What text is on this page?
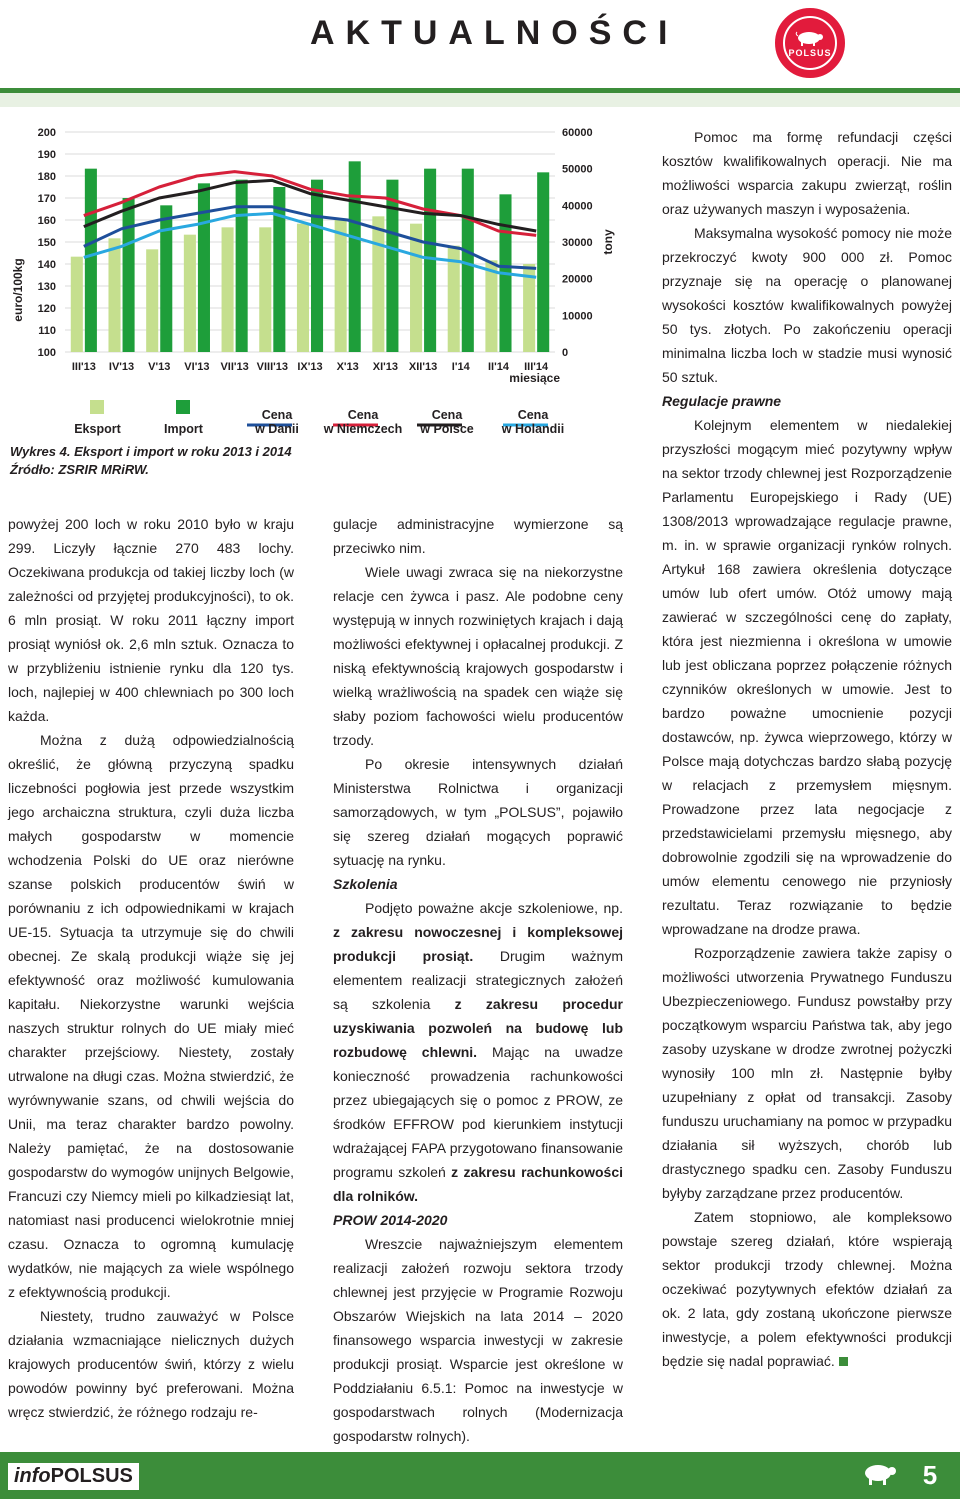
AKTUALNOŚCI
POLSUS
euro/100kg
tony
miesiące
200
190
180
170
160
150
140
130
120
110
100
60000
50000
40000
30000
20000
10000
0
III'13 IV'13 V'13 VI'13 VII'13 VIII'13 IX'13 X'13 XI'13 XII'13 I'14 II'14 III'14
Eksport	Import
Cena
w Danii
Cena
w Niemczech
Cena
w Polsce
Cena
w Holandii
Wykres 4. Eksport i import w roku 2013 i 2014
Źródło: ZSRIR MRiRW.

powyżej 200 loch w roku 2010 było w kraju 299. Liczyły łącznie 270 483 lochy. Oczekiwana produkcja od takiej liczby loch (w zależności od przyjętej produkcyjności), to ok. 6 mln prosiąt. W roku 2011 łączny import prosiąt wyniósł ok. 2,6 mln sztuk. Oznacza to w przybliżeniu istnienie rynku dla 120 tys. loch, najlepiej w 400 chlewniach po 300 loch każda.

Można z dużą odpowiedzialnością określić, że główną przyczyną spadku liczebności pogłowia jest przede wszystkim jego archaiczna struktura, czyli duża liczba małych gospodarstw w momencie wchodzenia Polski do UE oraz nierówne szanse polskich producentów świń w porównaniu z ich odpowiednikami w krajach UE-15. Sytuacja ta utrzymuje się do chwili obecnej. Ze skalą produkcji wiąże się jej efektywność oraz możliwość kumulowania kapitału. Niekorzystne warunki wejścia naszych struktur rolnych do UE miały mieć charakter przejściowy. Niestety, zostały utrwalone na długi czas. Można stwierdzić, że wyrównywanie szans, od chwili wejścia do Unii, ma teraz charakter bardzo powolny. Należy pamiętać, że na dostosowanie gospodarstw do wymogów unijnych Belgowie, Francuzi czy Niemcy mieli po kilkadziesiąt lat, natomiast nasi producenci wielokrotnie mniej czasu. Oznacza to ogromną kumulację wydatków, nie mających za wiele wspólnego z efektywnością produkcji.

Niestety, trudno zauważyć w Polsce działania wzmacniające nielicznych dużych krajowych producentów świń, którzy z wielu powodów powinny być preferowani. Można wręcz stwierdzić, że różnego rodzaju re-

gulacje administracyjne wymierzone są przeciwko nim.

Wiele uwagi zwraca się na niekorzystne relacje cen żywca i pasz. Ale podobne ceny występują w innych rozwiniętych krajach i dają możliwości efektywnej i opłacalnej produkcji. Z niską efektywnością krajowych gospodarstw i wielką wrażliwością na spadek cen wiąże się słaby poziom fachowości wielu producentów trzody.

Po okresie intensywnych działań Ministerstwa Rolnictwa i organizacji samorządowych, w tym „POLSUS”, pojawiło się szereg działań mogących poprawić sytuację na rynku.

Szkolenia

Podjęto poważne akcje szkoleniowe, np. z zakresu nowoczesnej i kompleksowej produkcji prosiąt. Drugim ważnym elementem realizacji strategicznych założeń są szkolenia z zakresu procedur uzyskiwania pozwoleń na budowę lub rozbudowę chlewni. Mając na uwadze konieczność prowadzenia rachunkowości przez ubiegających się o pomoc z PROW, ze środków EFFROW pod kierunkiem instytucji wdrażającej FAPA przygotowano finansowanie programu szkoleń z zakresu rachunkowości dla rolników.

PROW 2014-2020

Wreszcie najważniejszym elementem realizacji założeń rozwoju sektora trzody chlewnej jest przyjęcie w Programie Rozwoju Obszarów Wiejskich na lata 2014 – 2020 finansowego wsparcia inwestycji w zakresie produkcji prosiąt. Wsparcie jest określone w Poddziałaniu 6.5.1: Pomoc na inwestycje w gospodarstwach rolnych (Modernizacja gospodarstw rolnych).

Pomoc ma formę refundacji części kosztów kwalifikowalnych operacji. Nie ma możliwości wsparcia zakupu zwierząt, roślin oraz używanych maszyn i wyposażenia.

Maksymalna wysokość pomocy nie może przekroczyć kwoty 900 000 zł. Pomoc przyznaje się na operację o planowanej wysokości kosztów kwalifikowalnych powyżej 50 tys. złotych. Po zakończeniu operacji minimalna liczba loch w stadzie musi wynosić 50 sztuk.

Regulacje prawne

Kolejnym elementem w niedalekiej przyszłości mogącym mieć pozytywny wpływ na sektor trzody chlewnej jest Rozporządzenie Parlamentu Europejskiego i Rady (UE) 1308/2013 wprowadzające regulacje prawne, m. in. w sprawie organizacji rynków rolnych. Artykuł 168 zawiera określenia dotyczące umów lub ofert umów. Otóż umowy mają zawierać w szczególności cenę do zapłaty, która jest niezmienna i określona w umowie lub jest obliczana poprzez połączenie różnych czynników określonych w umowie. Jest to bardzo poważne umocnienie pozycji dostawców, np. żywca wieprzowego, którzy w Polsce mają dotychczas bardzo słabą pozycję w relacjach z przemysłem mięsnym. Prowadzone przez lata negocjacje z przedstawicielami przemysłu mięsnego, aby dobrowolnie zgodzili się na wprowadzenie do umów elementu cenowego nie przyniosły rezultatu. Teraz rozwiązanie to będzie wprowadzane na drodze prawa.

Rozporządzenie zawiera także zapisy o możliwości utworzenia Prywatnego Funduszu Ubezpieczeniowego. Fundusz powstałby przy początkowym wsparciu Państwa tak, aby jego zasoby uzyskane w drodze zwrotnej pożyczki wynosiły 100 mln zł. Następnie byłby uzupełniany z opłat od transakcji. Zasoby funduszu uruchamiany na pomoc w przypadku działania sił wyższych, chorób lub drastycznego spadku cen. Zasoby Funduszu byłyby zarządzane przez producentów.

Zatem stopniowo, ale kompleksowo powstaje szereg działań, które wspierają sektor produkcji trzody chlewnej. Można oczekiwać pozytywnych efektów działań za ok. 2 lata, gdy zostaną ukończone pierwsze inwestycje, a polem efektywności produkcji będzie się nadal poprawiać.

infoPOLSUS	5
